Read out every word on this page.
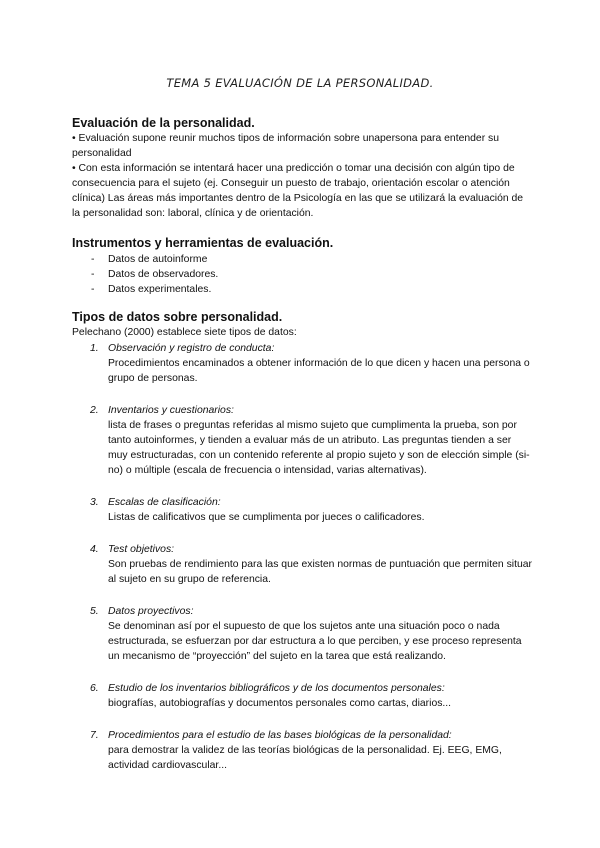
TEMA 5 EVALUACIÓN DE LA PERSONALIDAD.
Evaluación de la personalidad.

• Evaluación supone reunir muchos tipos de información sobre unapersona para entender su personalidad

• Con esta información se intentará hacer una predicción o tomar una decisión con algún tipo de consecuencia para el sujeto (ej. Conseguir un puesto de trabajo, orientación escolar o atención clínica) Las áreas más importantes dentro de la Psicología en las que se utilizará la evaluación de la personalidad son: laboral, clínica y de orientación.

Instrumentos y herramientas de evaluación.
- Datos de autoinforme
- Datos de observadores.
- Datos experimentales.
Tipos de datos sobre personalidad.

Pelechano (2000) establece siete tipos de datos:

1. Observación y registro de conducta:
Procedimientos encaminados a obtener información de lo que dicen y hacen una persona o grupo de personas.
2. Inventarios y cuestionarios:
lista de frases o preguntas referidas al mismo sujeto que cumplimenta la prueba, son por tanto autoinformes, y tienden a evaluar más de un atributo. Las preguntas tienden a ser muy estructuradas, con un contenido referente al propio sujeto y son de elección simple (si-no) o múltiple (escala de frecuencia o intensidad, varias alternativas).
3. Escalas de clasificación:
Listas de calificativos que se cumplimenta por jueces o calificadores.
4. Test objetivos:
Son pruebas de rendimiento para las que existen normas de puntuación que permiten situar al sujeto en su grupo de referencia.
5. Datos proyectivos:
Se denominan así por el supuesto de que los sujetos ante una situación poco o nada estructurada, se esfuerzan por dar estructura a lo que perciben, y ese proceso representa un mecanismo de “proyección” del sujeto en la tarea que está realizando.
6. Estudio de los inventarios bibliográficos y de los documentos personales:
biografías, autobiografías y documentos personales como cartas, diarios...
7. Procedimientos para el estudio de las bases biológicas de la personalidad:
para demostrar la validez de las teorías biológicas de la personalidad. Ej. EEG, EMG, actividad cardiovascular...
